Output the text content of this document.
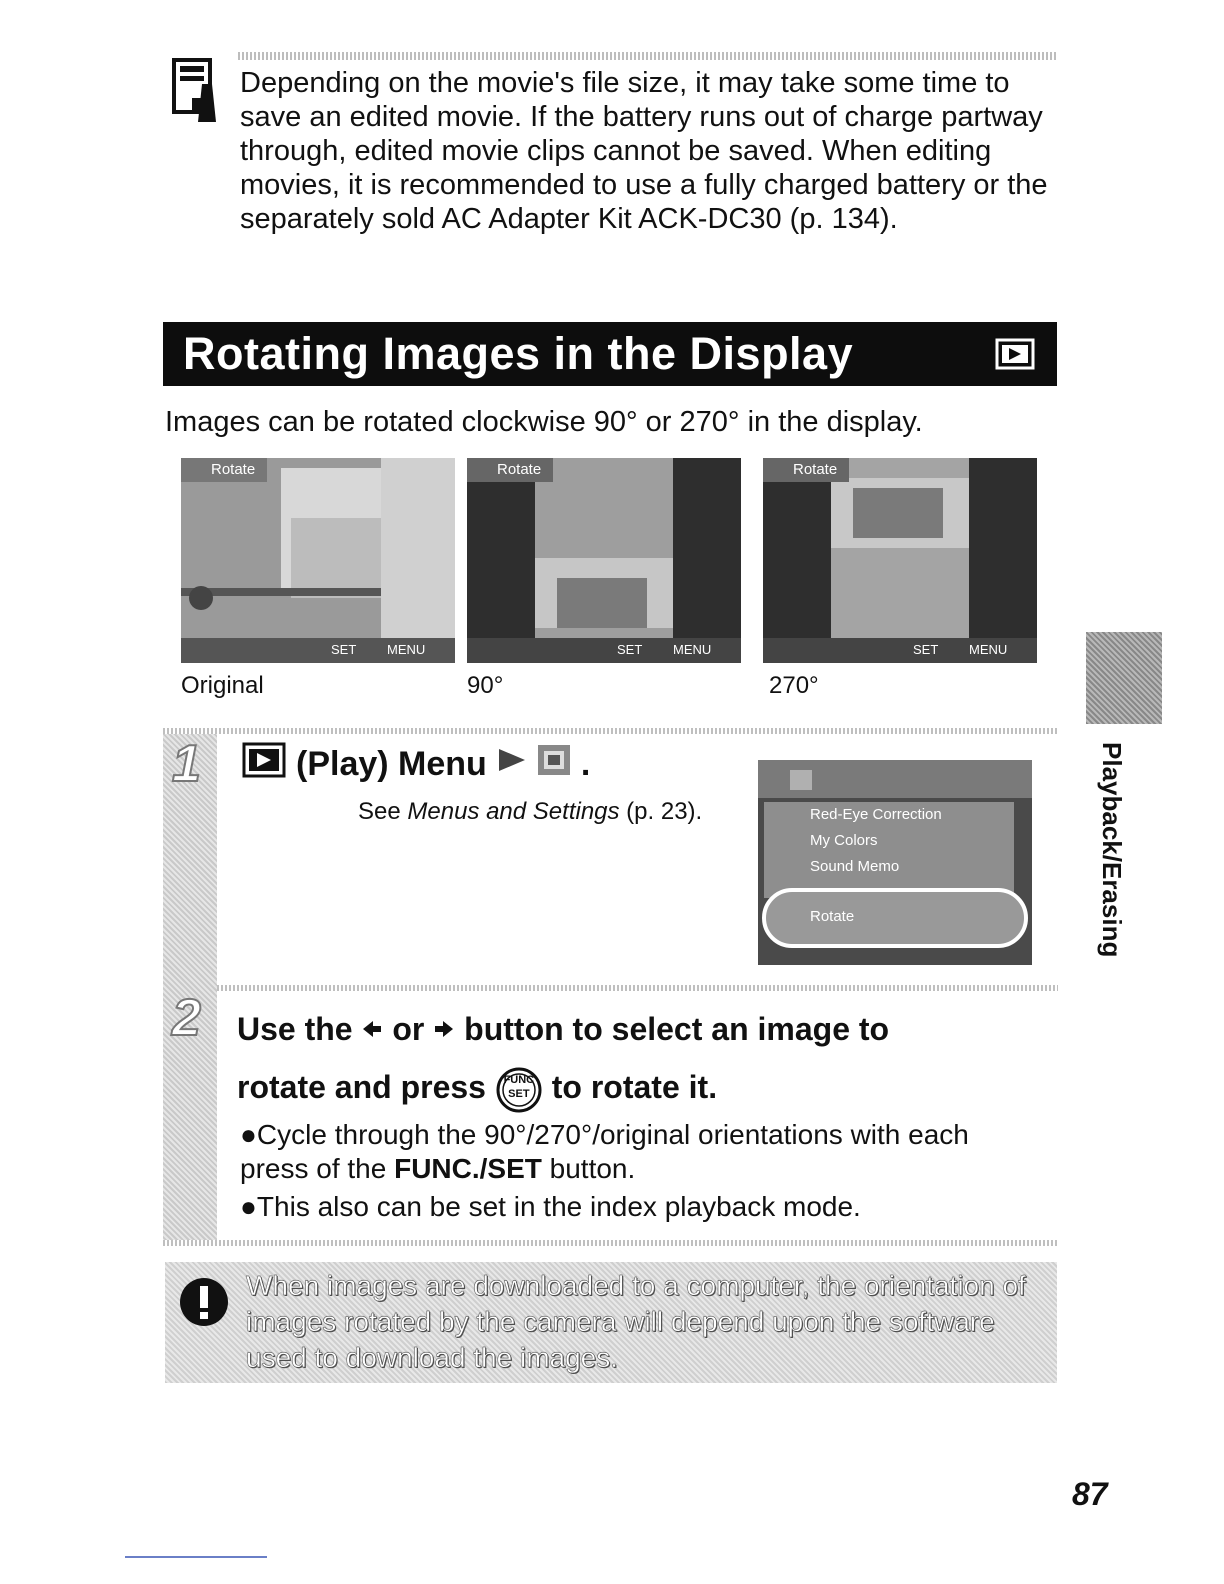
Depending on the movie's file size, it may take some time to save an edited movie. If the battery runs out of charge partway through, edited movie clips cannot be saved. When editing movies, it is recommended to use a fully charged battery or the separately sold AC Adapter Kit ACK-DC30 (p. 134).
Rotating Images in the Display
Images can be rotated clockwise 90° or 270° in the display.
Rotate
SET MENU
Rotate
SET MENU
Rotate
SET MENU
Original	90°	270°
1	(Play) Menu	.
See Menus and Settings (p. 23).	Red-Eye Correction
My Colors
Sound Memo
Rotate
2 Use the or button to select an image to
rotate and press	FUNC
SET to rotate it.

●Cycle through the 90°/270°/original orientations with each press of the FUNC./SET button.

●This also can be set in the index playback mode.

When images are downloaded to a computer, the orientation of images rotated by the camera will depend upon the software used to download the images.
Playback/Erasing
87
